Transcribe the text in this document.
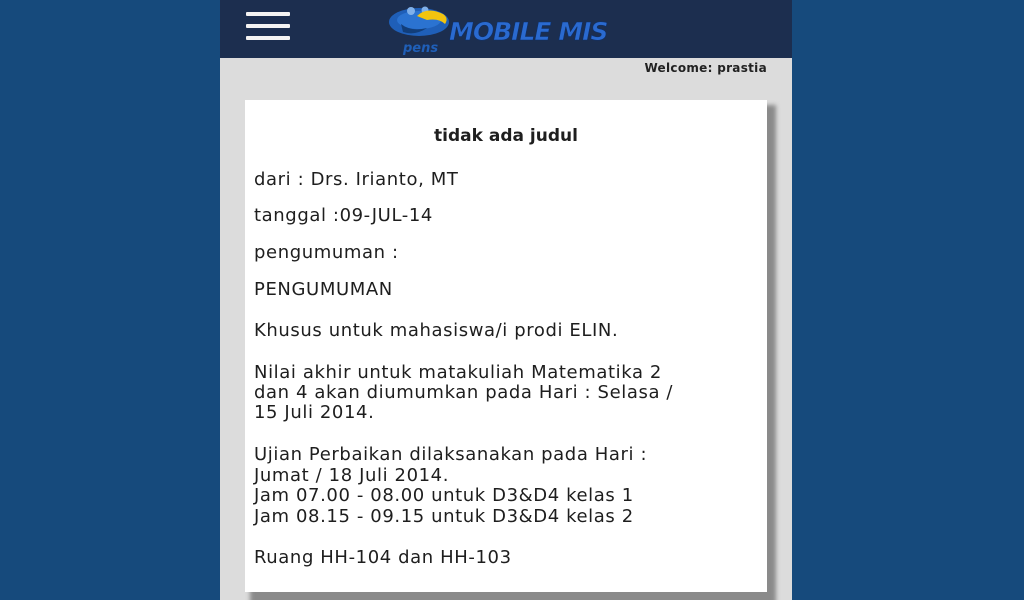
pens
MOBILE MIS
Welcome: prastia
tidak ada judul
dari : Drs. Irianto, MT
tanggal :09-JUL-14
pengumuman :
PENGUMUMAN
Khusus untuk mahasiswa/i prodi ELIN.
Nilai akhir untuk matakuliah Matematika 2
dan 4 akan diumumkan pada Hari : Selasa /
15 Juli 2014.
Ujian Perbaikan dilaksanakan pada Hari :
Jumat / 18 Juli 2014.
Jam 07.00 - 08.00 untuk D3&D4 kelas 1
Jam 08.15 - 09.15 untuk D3&D4 kelas 2
Ruang HH-104 dan HH-103
